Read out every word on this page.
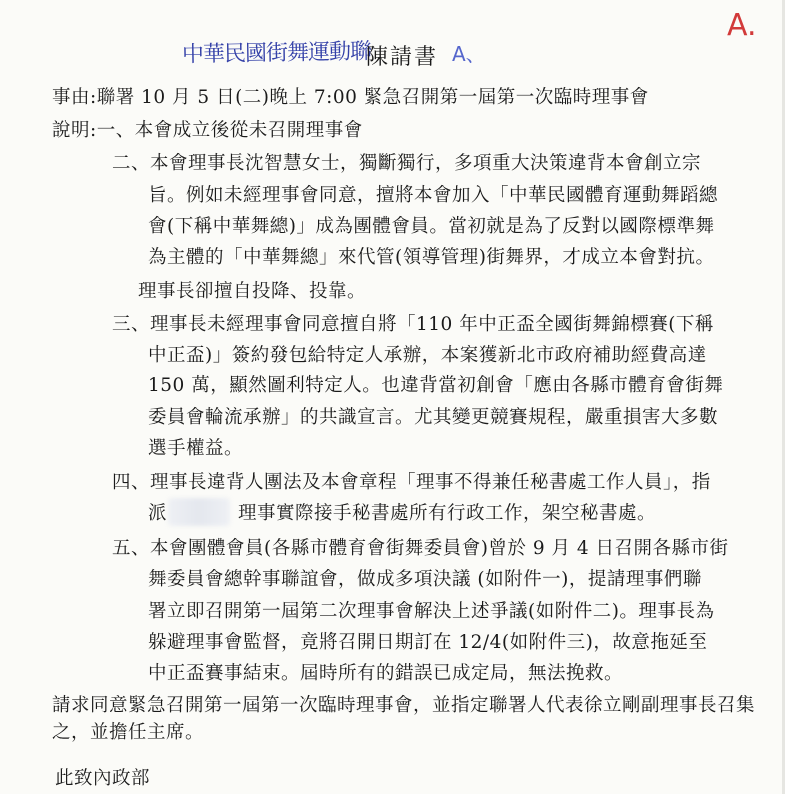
中華民國街舞運動聯
陳請書 A、
A.
事由:聯署 10 月 5 日(二)晚上 7:00 緊急召開第一屆第一次臨時理事會
說明:一、本會成立後從未召開理事會
二、本會理事長沈智慧女士，獨斷獨行，多項重大決策違背本會創立宗
旨。例如未經理事會同意，擅將本會加入「中華民國體育運動舞蹈總
會(下稱中華舞總)」成為團體會員。當初就是為了反對以國際標準舞
為主體的「中華舞總」來代管(領導管理)街舞界，才成立本會對抗。
理事長卻擅自投降、投靠。
三、理事長未經理事會同意擅自將「110 年中正盃全國街舞錦標賽(下稱
中正盃)」簽約發包給特定人承辦，本案獲新北市政府補助經費高達
150 萬，顯然圖利特定人。也違背當初創會「應由各縣市體育會街舞
委員會輪流承辦」的共識宣言。尤其變更競賽規程，嚴重損害大多數
選手權益。
四、理事長違背人團法及本會章程「理事不得兼任秘書處工作人員」，指
派	理事實際接手秘書處所有行政工作，架空秘書處。
五、本會團體會員(各縣市體育會街舞委員會)曾於 9 月 4 日召開各縣市街
舞委員會總幹事聯誼會，做成多項決議 (如附件一)，提請理事們聯
署立即召開第一屆第二次理事會解決上述爭議(如附件二)。理事長為
躲避理事會監督，竟將召開日期訂在 12/4(如附件三)，故意拖延至
中正盃賽事結束。屆時所有的錯誤已成定局，無法挽救。
請求同意緊急召開第一屆第一次臨時理事會，並指定聯署人代表徐立剛副理事長召集
之，並擔任主席。
此致內政部
